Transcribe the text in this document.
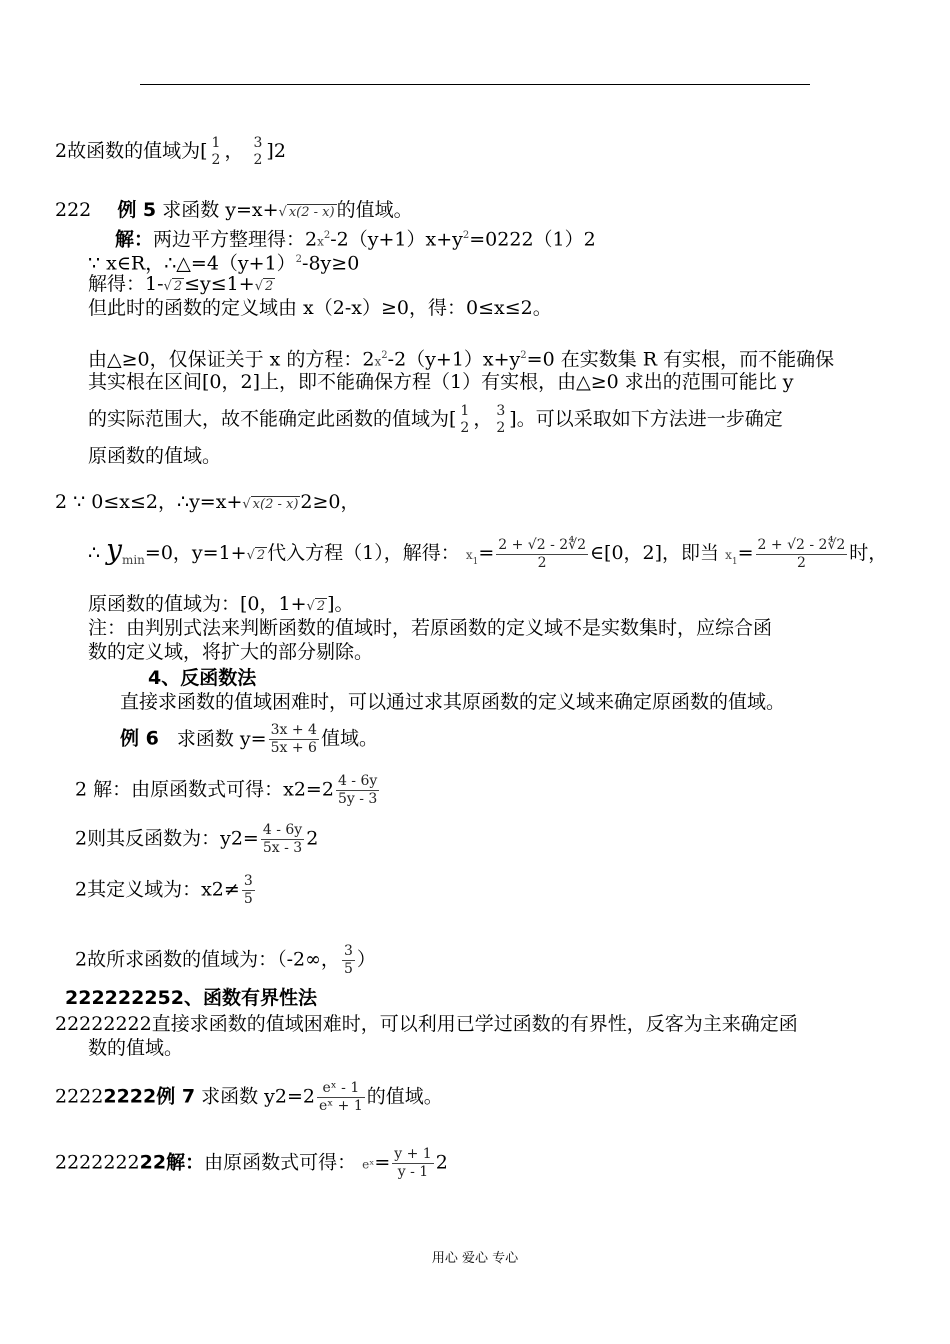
2故函数的值域为[ 1
2 ， 3
2 ]2
222 例 5 求函数 y=x+√ x(2 - x) 的值域。
解：两边平方整理得：$2x^2-2(y+1)x+y^2=0222(1)2$
∵ x∈R，$\therefore\triangle=4(y+1)^2-8y\ge 0$
解得：1-√ 2 ≤y≤1+√ 2
但此时的函数的定义域由 x（2-x）≥0，得：0≤x≤2。
由△≥0，仅保证关于 x 的方程：$2x^2-2(y+1)x+y^2=0$ 在实数集 R 有实根，而不能确保
其实根在区间[0，2]上，即不能确保方程（1）有实根，由△≥0 求出的范围可能比 y
的实际范围大，故不能确定此函数的值域为[ 1
2 ， 3
2 ]。可以采取如下方法进一步确定
原函数的值域。
2 ∵ 0≤x≤2，∴y=x+√ x(2 - x) 2≥0，
∴ $y_{min}=0$，y=1+√ 2 代入方程（1），解得： $x_1= \frac{2 + √2 - 2∜2}{2}$ ∈[0，2]，即当 $x_1= \frac{2 + √2 - 2∜2}{2}$ 时，
原函数的值域为：[0，1+√ 2 ]。
注：由判别式法来判断函数的值域时，若原函数的定义域不是实数集时，应综合函
数的定义域，将扩大的部分剔除。
4、反函数法
直接求函数的值域困难时，可以通过求其原函数的定义域来确定原函数的值域。
例 6 求函数 $y= \frac{3x + 4}{5x + 6}$ 值域。
2 解：由原函数式可得：$x2=2 \frac{4 - 6y}{5y - 3}$
2则其反函数为：$y2= \frac{4 - 6y}{5x - 3} 2$
2其定义域为：$x2\ne \frac{3}{5}$
2故所求函数的值域为：（-2∞， $\frac{3}{5}$ ）
222222252、函数有界性法
22222222直接求函数的值域困难时，可以利用已学过函数的有界性，反客为主来确定函
数的值域。
22222222例 7 求函数 $y2=2 \frac{\text{eˣ - 1}}{\text{eˣ + 1}}$ 的值域。
222222222解：由原函数式可得： eˣ= $\frac{y + 1}{y - 1} 2$
用心 爱心 专心
